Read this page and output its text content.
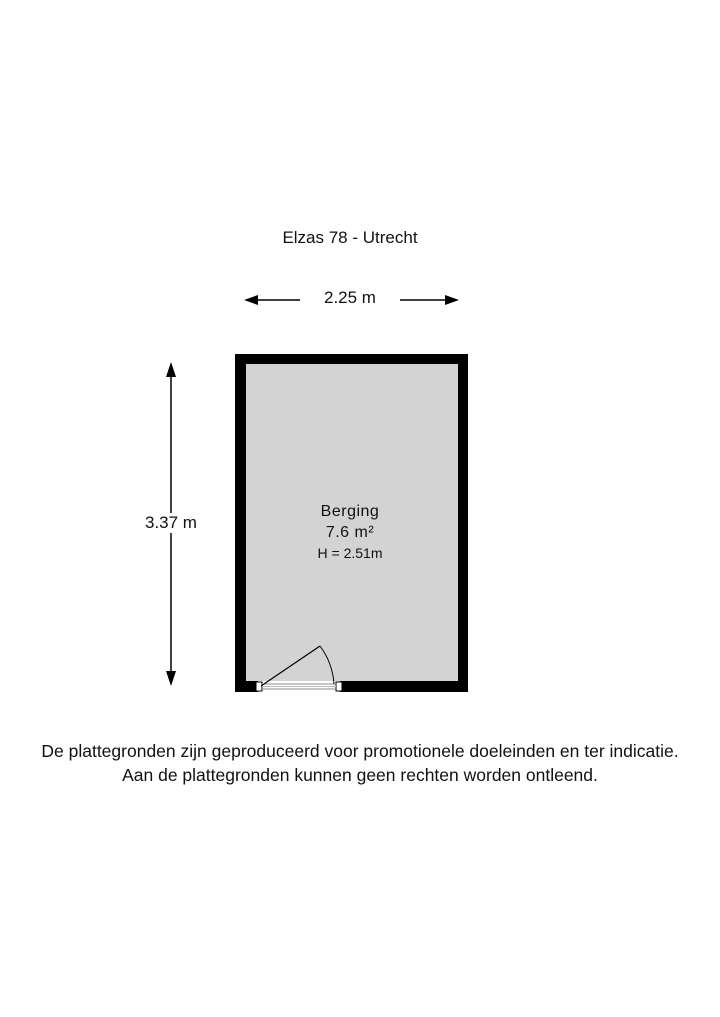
Elzas 78 - Utrecht
2.25 m
3.37 m
Berging
7.6 m²
H = 2.51m
De plattegronden zijn geproduceerd voor promotionele doeleinden en ter indicatie.
Aan de plattegronden kunnen geen rechten worden ontleend.
